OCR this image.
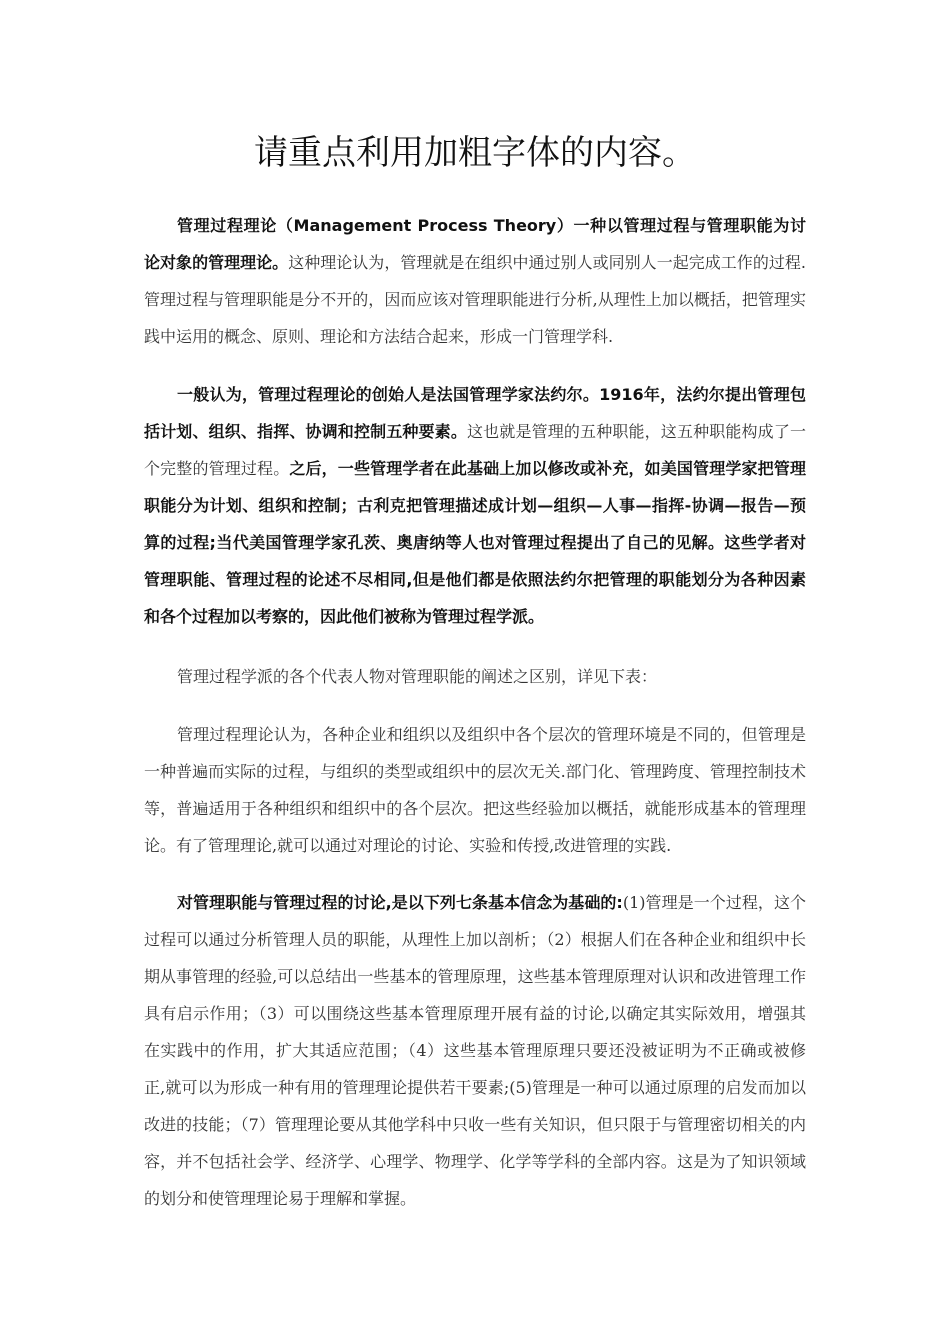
请重点利用加粗字体的内容。

管理过程理论（Management Process Theory）一种以管理过程与管理职能为讨论对象的管理理论。这种理论认为，管理就是在组织中通过别人或同别人一起完成工作的过程.管理过程与管理职能是分不开的，因而应该对管理职能进行分析,从理性上加以概括，把管理实践中运用的概念、原则、理论和方法结合起来，形成一门管理学科.

一般认为，管理过程理论的创始人是法国管理学家法约尔。1916年，法约尔提出管理包括计划、组织、指挥、协调和控制五种要素。这也就是管理的五种职能，这五种职能构成了一个完整的管理过程。之后，一些管理学者在此基础上加以修改或补充，如美国管理学家把管理职能分为计划、组织和控制；古利克把管理描述成计划—组织—人事—指挥-协调—报告—预算的过程;当代美国管理学家孔茨、奥唐纳等人也对管理过程提出了自己的见解。这些学者对管理职能、管理过程的论述不尽相同,但是他们都是依照法约尔把管理的职能划分为各种因素和各个过程加以考察的，因此他们被称为管理过程学派。

管理过程学派的各个代表人物对管理职能的阐述之区别，详见下表：

管理过程理论认为，各种企业和组织以及组织中各个层次的管理环境是不同的，但管理是一种普遍而实际的过程，与组织的类型或组织中的层次无关.部门化、管理跨度、管理控制技术等，普遍适用于各种组织和组织中的各个层次。把这些经验加以概括，就能形成基本的管理理论。有了管理理论,就可以通过对理论的讨论、实验和传授,改进管理的实践.

对管理职能与管理过程的讨论,是以下列七条基本信念为基础的:(1)管理是一个过程，这个过程可以通过分析管理人员的职能，从理性上加以剖析；（2）根据人们在各种企业和组织中长期从事管理的经验,可以总结出一些基本的管理原理，这些基本管理原理对认识和改进管理工作具有启示作用；（3）可以围绕这些基本管理原理开展有益的讨论,以确定其实际效用，增强其在实践中的作用，扩大其适应范围；（4）这些基本管理原理只要还没被证明为不正确或被修正,就可以为形成一种有用的管理理论提供若干要素;(5)管理是一种可以通过原理的启发而加以改进的技能；（7）管理理论要从其他学科中只收一些有关知识，但只限于与管理密切相关的内容，并不包括社会学、经济学、心理学、物理学、化学等学科的全部内容。这是为了知识领域的划分和使管理理论易于理解和掌握。
